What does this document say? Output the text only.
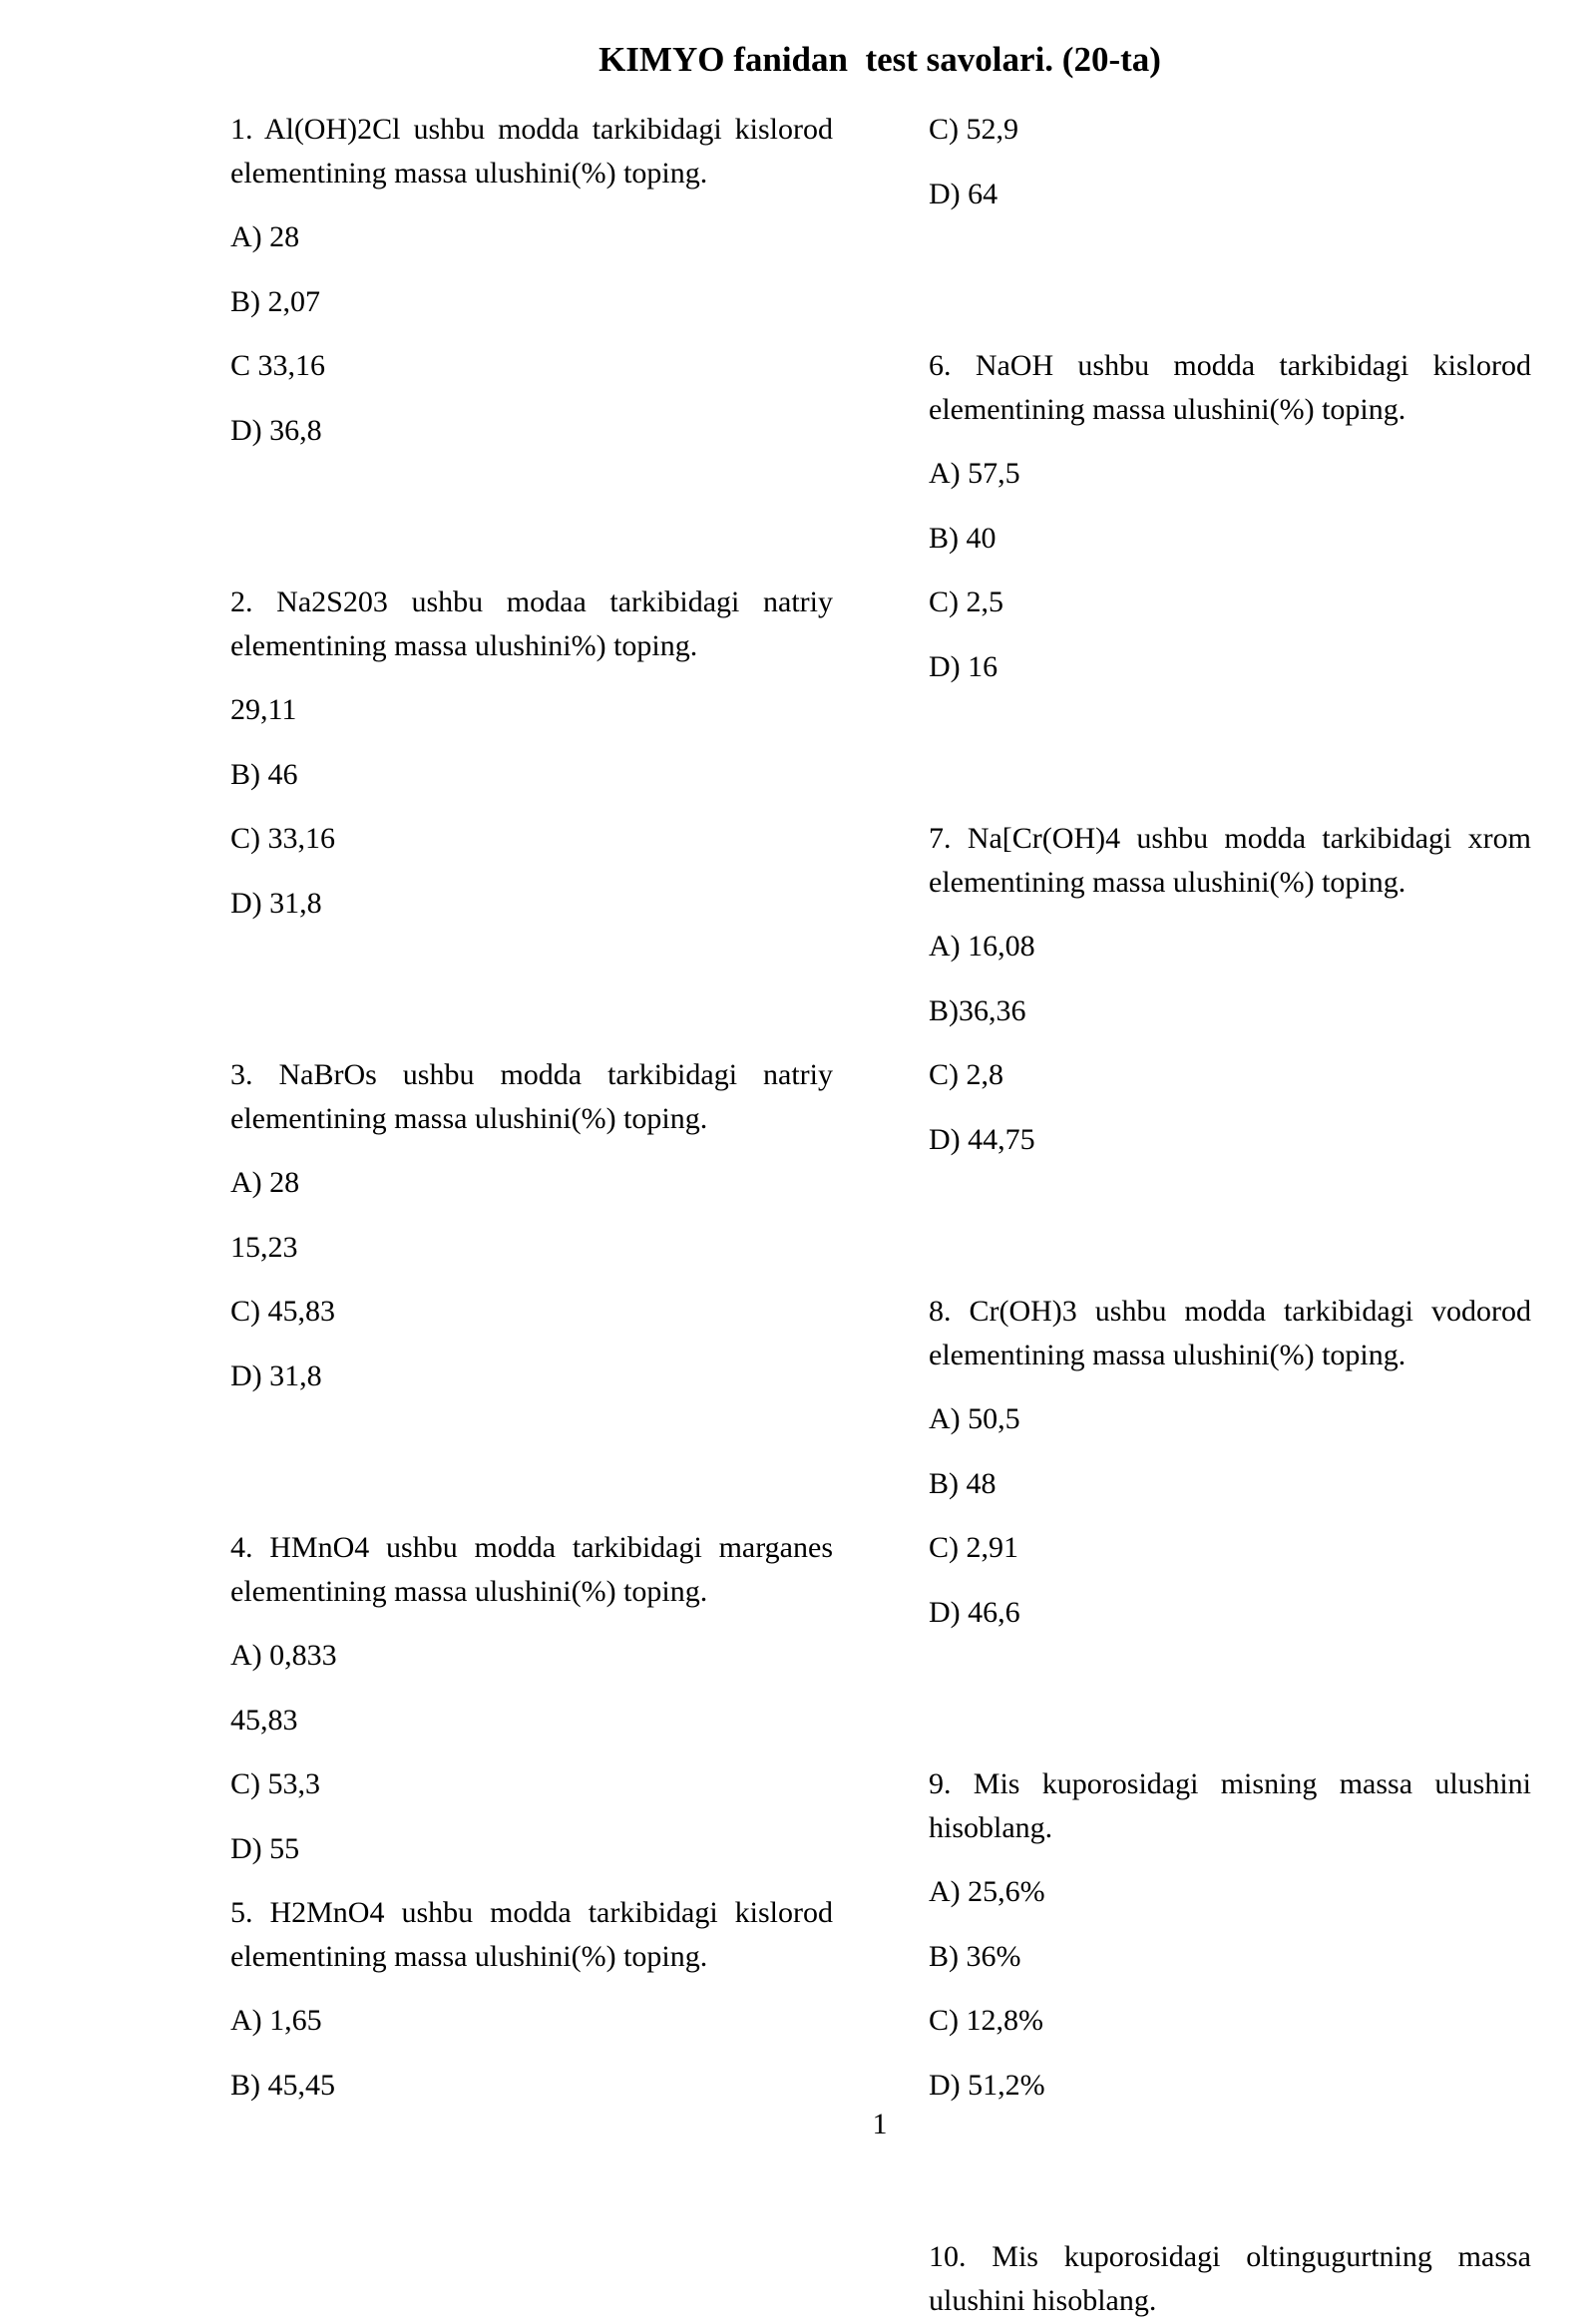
KIMYO fanidan  test savolari. (20-ta)

1. Al(OH)2Cl ushbu modda tarkibidagi kislorod elementining massa ulushini(%) toping.

A) 28
B) 2,07
C 33,16
D) 36,8

2. Na2S203 ushbu modaa tarkibidagi natriy elementining massa ulushini%) toping.

29,11
B) 46
C) 33,16
D) 31,8

3. NaBrOs ushbu modda tarkibidagi natriy elementining massa ulushini(%) toping.

A) 28
15,23
C) 45,83
D) 31,8

4. HMnO4 ushbu modda tarkibidagi marganes elementining massa ulushini(%) toping.

A) 0,833
45,83
C) 53,3
D) 55

5. H2MnO4 ushbu modda tarkibidagi kislorod elementining massa ulushini(%) toping.

A) 1,65
B) 45,45
C) 52,9
D) 64

6. NaOH ushbu modda tarkibidagi kislorod elementining massa ulushini(%) toping.

A) 57,5
B) 40
C) 2,5
D) 16

7. Na[Cr(OH)4 ushbu modda tarkibidagi xrom elementining massa ulushini(%) toping.

A) 16,08
B)36,36
C) 2,8
D) 44,75

8. Cr(OH)3 ushbu modda tarkibidagi vodorod elementining massa ulushini(%) toping.

A) 50,5
B) 48
C) 2,91
D) 46,6

9. Mis kuporosidagi misning massa ulushini hisoblang.

A) 25,6%
B) 36%
C) 12,8%
D) 51,2%

10. Mis kuporosidagi oltingugurtning massa ulushini hisoblang.

1
